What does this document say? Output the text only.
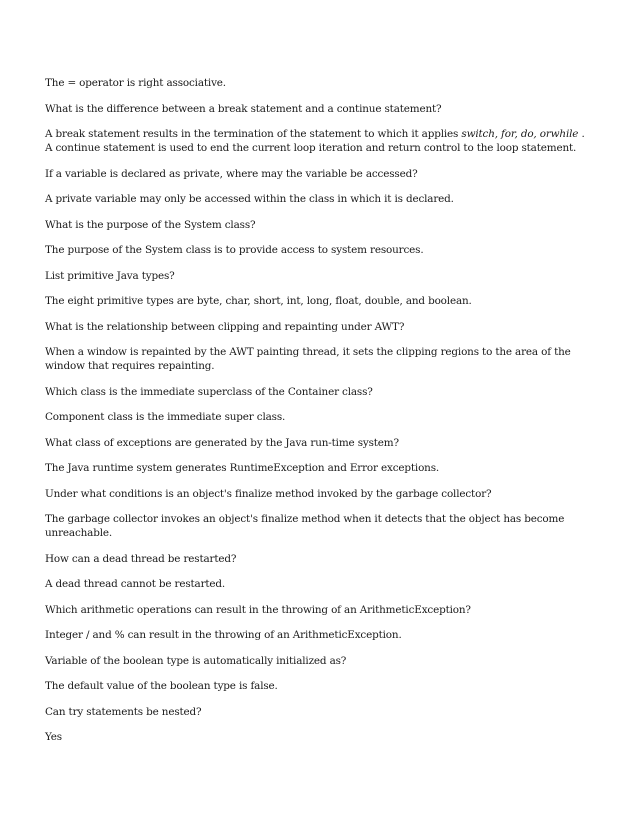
The = operator is right associative.

What is the difference between a break statement and a continue statement?

A break statement results in the termination of the statement to which it applies switch, for, do, orwhile . A continue statement is used to end the current loop iteration and return control to the loop statement.

If a variable is declared as private, where may the variable be accessed?

A private variable may only be accessed within the class in which it is declared.

What is the purpose of the System class?

The purpose of the System class is to provide access to system resources.

List primitive Java types?

The eight primitive types are byte, char, short, int, long, float, double, and boolean.

What is the relationship between clipping and repainting under AWT?

When a window is repainted by the AWT painting thread, it sets the clipping regions to the area of the window that requires repainting.

Which class is the immediate superclass of the Container class?

Component class is the immediate super class.

What class of exceptions are generated by the Java run-time system?

The Java runtime system generates RuntimeException and Error exceptions.

Under what conditions is an object's finalize method invoked by the garbage collector?

The garbage collector invokes an object's finalize method when it detects that the object has become unreachable.

How can a dead thread be restarted?

A dead thread cannot be restarted.

Which arithmetic operations can result in the throwing of an ArithmeticException?

Integer / and % can result in the throwing of an ArithmeticException.

Variable of the boolean type is automatically initialized as?

The default value of the boolean type is false.

Can try statements be nested?

Yes
